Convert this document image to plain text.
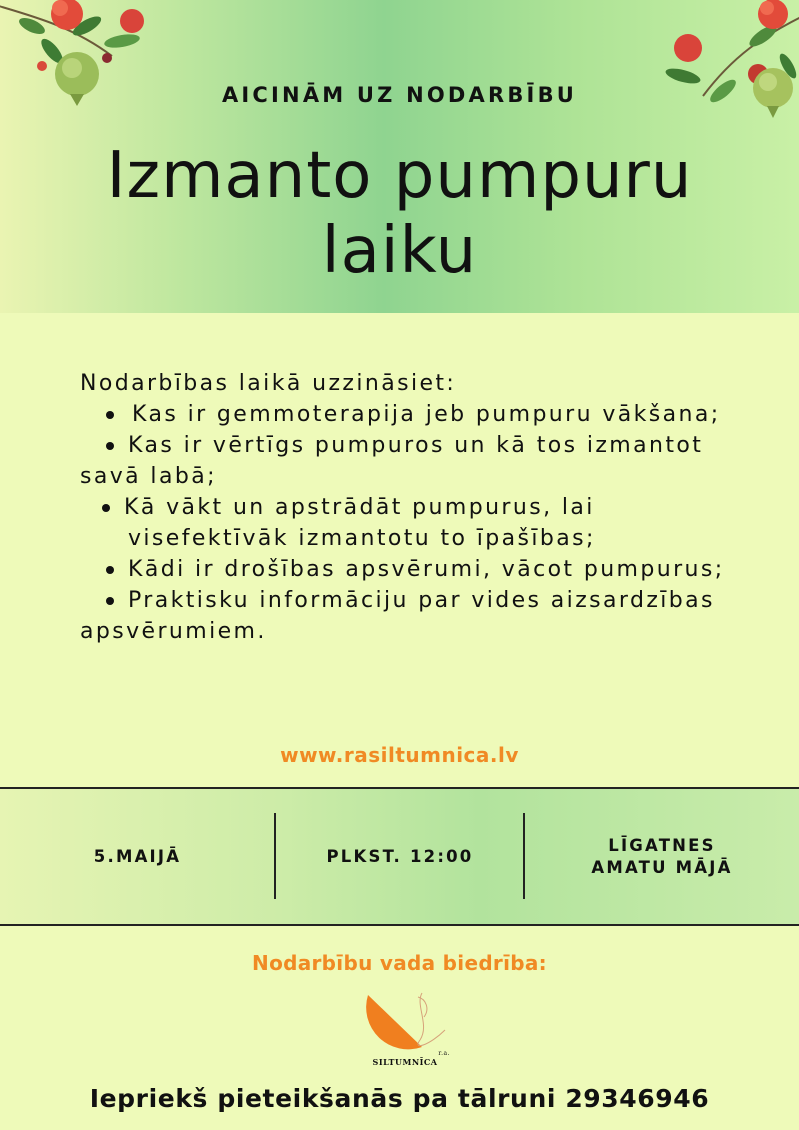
AICINĀM UZ NODARBĪBU
Izmanto pumpuru
laiku

Nodarbības laikā uzzināsiet:

Kas ir gemmoterapija jeb pumpuru vākšana;
Kas ir vērtīgs pumpuros un kā tos izmantot savā labā;
Kā vākt un apstrādāt pumpurus, lai visefektīvāk izmantotu to īpašības;
Kādi ir drošības apsvērumi, vācot pumpurus;
Praktisku informāciju par vides aizsardzības apsvērumiem.
www.rasiltumnica.lv
5.MAIJĀ	PLKST. 12:00
LĪGATNES AMATU MĀJĀ
Nodarbību vada biedrība:
r.a.
SILTUMNĪCA
Iepriekš pieteikšanās pa tālruni 29346946
